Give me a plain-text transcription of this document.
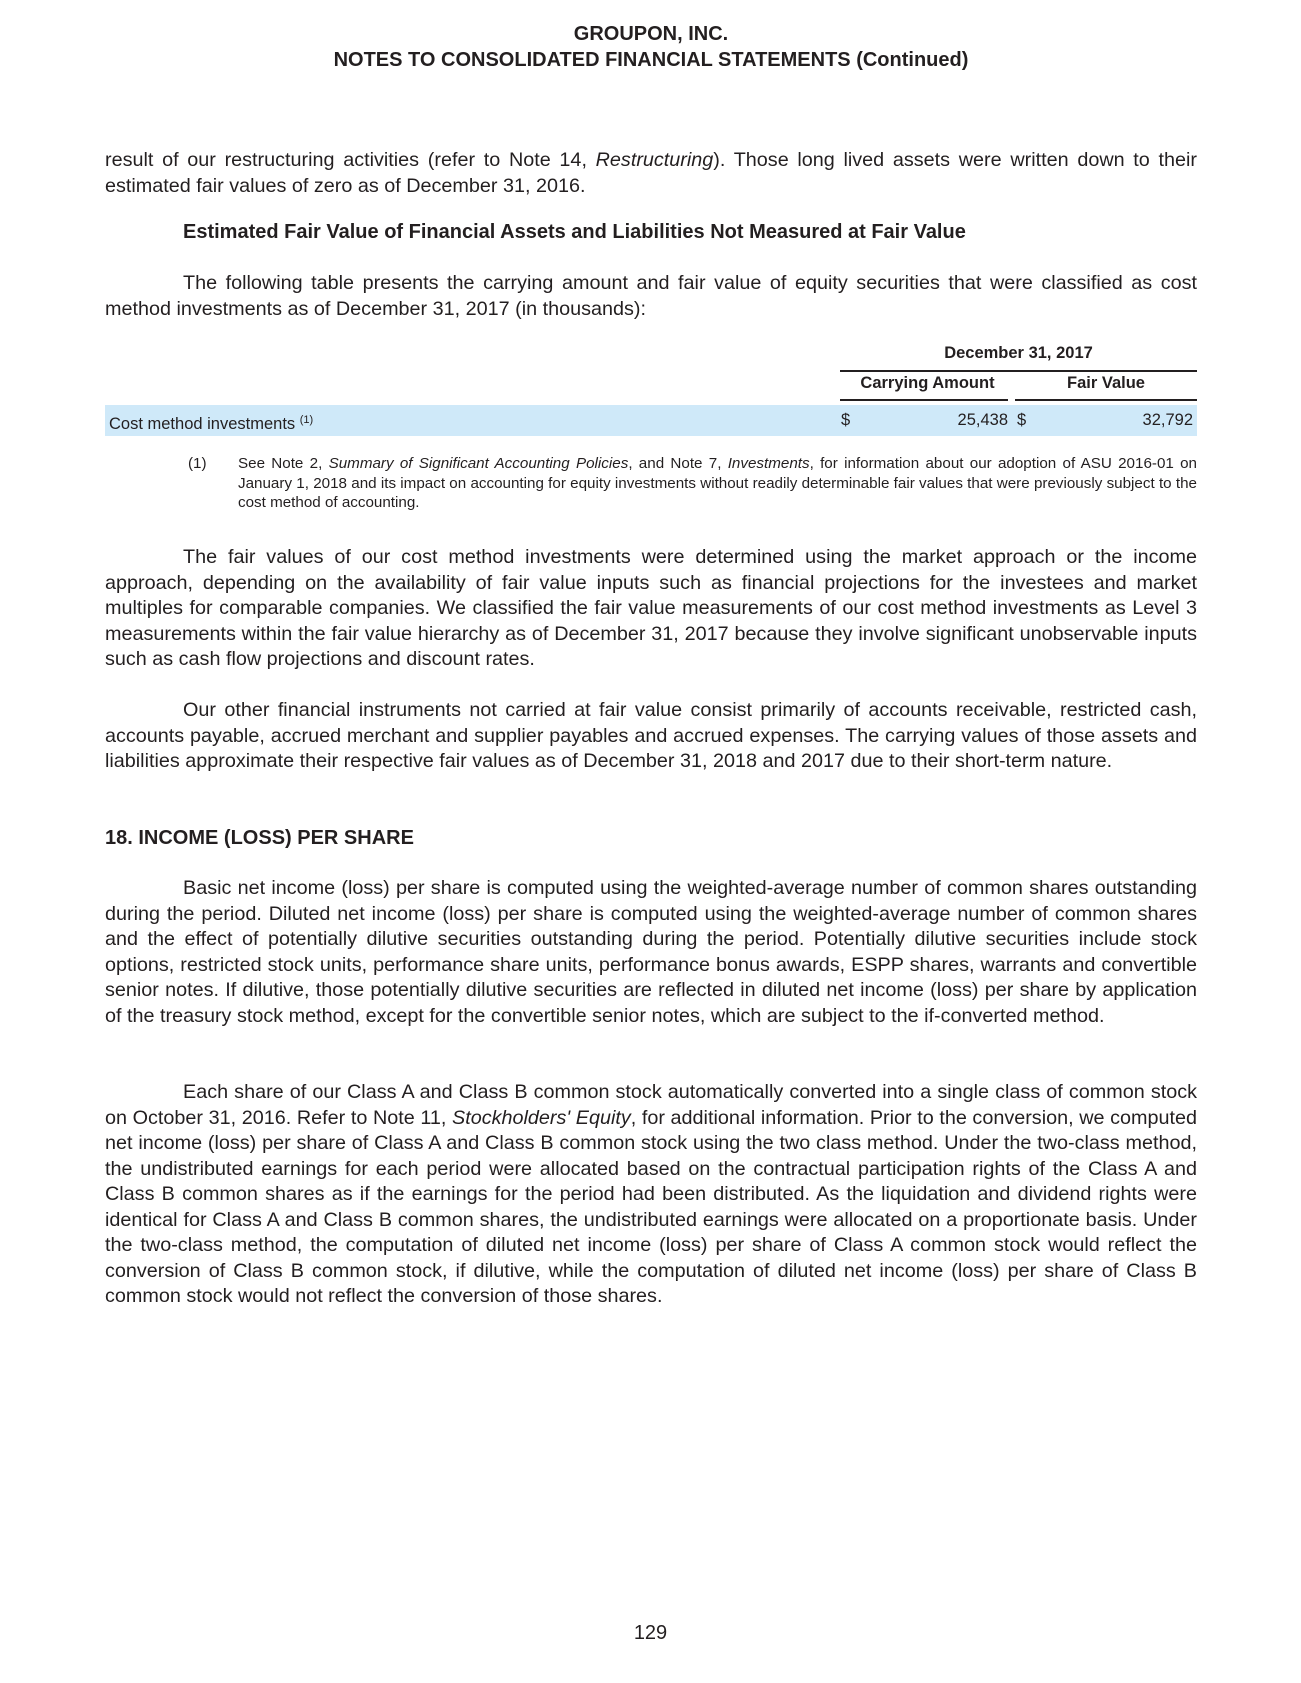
GROUPON, INC.
NOTES TO CONSOLIDATED FINANCIAL STATEMENTS (Continued)

result of our restructuring activities (refer to Note 14, Restructuring). Those long lived assets were written down to their estimated fair values of zero as of December 31, 2016.

Estimated Fair Value of Financial Assets and Liabilities Not Measured at Fair Value

The following table presents the carrying amount and fair value of equity securities that were classified as cost method investments as of December 31, 2017 (in thousands):

December 31, 2017
Carrying Amount	Fair Value
Cost method investments $^{(1)}$	$	25,438 $	32,792
(1) See Note 2, Summary of Significant Accounting Policies, and Note 7, Investments, for information about our adoption of ASU 2016-01 on January 1, 2018 and its impact on accounting for equity investments without readily determinable fair values that were previously subject to the cost method of accounting.

The fair values of our cost method investments were determined using the market approach or the income approach, depending on the availability of fair value inputs such as financial projections for the investees and market multiples for comparable companies. We classified the fair value measurements of our cost method investments as Level 3 measurements within the fair value hierarchy as of December 31, 2017 because they involve significant unobservable inputs such as cash flow projections and discount rates.

Our other financial instruments not carried at fair value consist primarily of accounts receivable, restricted cash, accounts payable, accrued merchant and supplier payables and accrued expenses. The carrying values of those assets and liabilities approximate their respective fair values as of December 31, 2018 and 2017 due to their short-term nature.

18. INCOME (LOSS) PER SHARE

Basic net income (loss) per share is computed using the weighted-average number of common shares outstanding during the period. Diluted net income (loss) per share is computed using the weighted-average number of common shares and the effect of potentially dilutive securities outstanding during the period. Potentially dilutive securities include stock options, restricted stock units, performance share units, performance bonus awards, ESPP shares, warrants and convertible senior notes. If dilutive, those potentially dilutive securities are reflected in diluted net income (loss) per share by application of the treasury stock method, except for the convertible senior notes, which are subject to the if-converted method.

Each share of our Class A and Class B common stock automatically converted into a single class of common stock on October 31, 2016. Refer to Note 11, Stockholders' Equity, for additional information. Prior to the conversion, we computed net income (loss) per share of Class A and Class B common stock using the two class method. Under the two-class method, the undistributed earnings for each period were allocated based on the contractual participation rights of the Class A and Class B common shares as if the earnings for the period had been distributed. As the liquidation and dividend rights were identical for Class A and Class B common shares, the undistributed earnings were allocated on a proportionate basis. Under the two-class method, the computation of diluted net income (loss) per share of Class A common stock would reflect the conversion of Class B common stock, if dilutive, while the computation of diluted net income (loss) per share of Class B common stock would not reflect the conversion of those shares.

129
